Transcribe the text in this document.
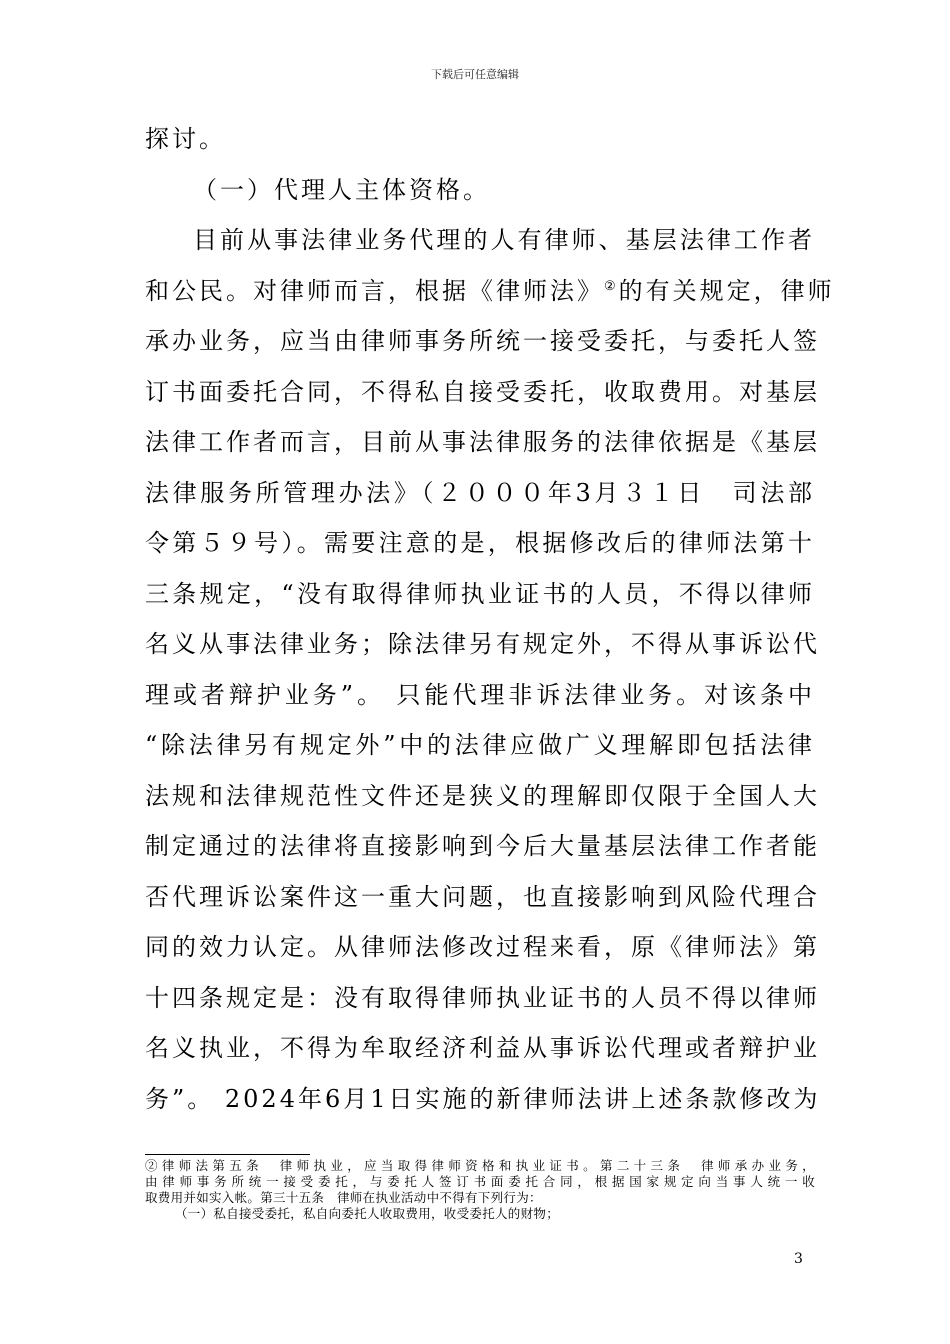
下载后可任意编辑
探讨。
（一）代理人主体资格。
目前从事法律业务代理的人有律师、基层法律工作者
和公民。对律师而言，根据《律师法》②的有关规定，律师
承办业务，应当由律师事务所统一接受委托，与委托人签
订书面委托合同，不得私自接受委托，收取费用。对基层
法律工作者而言，目前从事法律服务的法律依据是《基层
法律服务所管理办法》（２０００年3月３１日　司法部
令第５９号）。需要注意的是，根据修改后的律师法第十
三条规定，“没有取得律师执业证书的人员，不得以律师
名义从事法律业务；除法律另有规定外，不得从事诉讼代
理或者辩护业务”。 只能代理非诉法律业务。对该条中
“除法律另有规定外”中的法律应做广义理解即包括法律
法规和法律规范性文件还是狭义的理解即仅限于全国人大
制定通过的法律将直接影响到今后大量基层法律工作者能
否代理诉讼案件这一重大问题，也直接影响到风险代理合
同的效力认定。从律师法修改过程来看，原《律师法》第
十四条规定是：没有取得律师执业证书的人员不得以律师
名义执业，不得为牟取经济利益从事诉讼代理或者辩护业
务”。 2024年6月1日实施的新律师法讲上述条款修改为
②律师法第五条　律师执业，应当取得律师资格和执业证书。第二十三条　律师承办业务，
由律师事务所统一接受委托，与委托人签订书面委托合同，根据国家规定向当事人统一收
取费用并如实入帐。第三十五条　律师在执业活动中不得有下列行为：
（一）私自接受委托，私自向委托人收取费用，收受委托人的财物；
3
